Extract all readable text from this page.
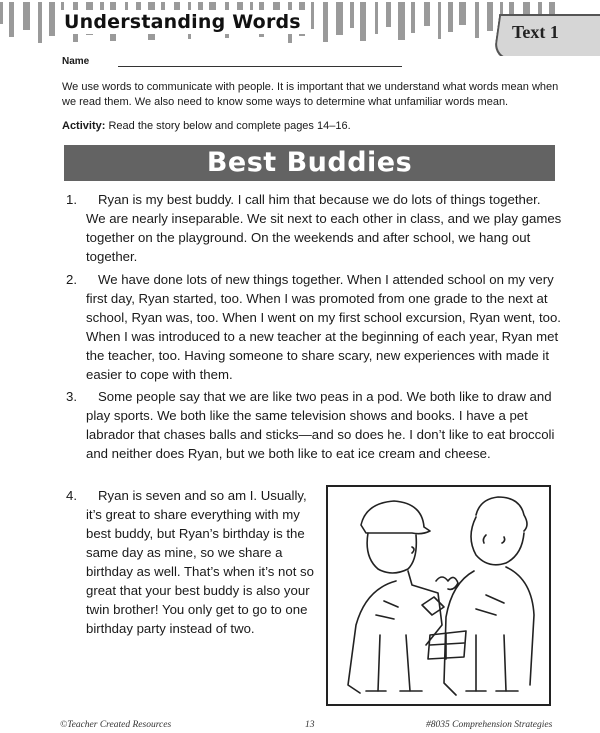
Understanding Words	Text 1
Name
We use words to communicate with people. It is important that we understand what words mean when we read them. We also need to know some ways to determine what unfamiliar words mean.
Activity: Read the story below and complete pages 14–16.
Best Buddies
1.	Ryan is my best buddy. I call him that because we do lots of things together. We are nearly inseparable. We sit next to each other in class, and we play games together on the playground. On the weekends and after school, we hang out together.
2.	We have done lots of new things together. When I attended school on my very first day, Ryan started, too. When I was promoted from one grade to the next at school, Ryan was, too. When I went on my first school excursion, Ryan went, too. When I was introduced to a new teacher at the beginning of each year, Ryan met the teacher, too. Having someone to share scary, new experiences with made it easier to cope with them.
3.	Some people say that we are like two peas in a pod. We both like to draw and play sports. We both like the same television shows and books. I have a pet labrador that chases balls and sticks—and so does he. I don’t like to eat broccoli and neither does Ryan, but we both like to eat ice cream and cheese.
4.	Ryan is seven and so am I. Usually, it’s great to share everything with my best buddy, but Ryan’s birthday is the same day as mine, so we share a birthday as well. That’s when it’s not so great that your best buddy is also your twin brother! You only get to go to one birthday party instead of two.
©Teacher Created Resources	13	#8035 Comprehension Strategies
